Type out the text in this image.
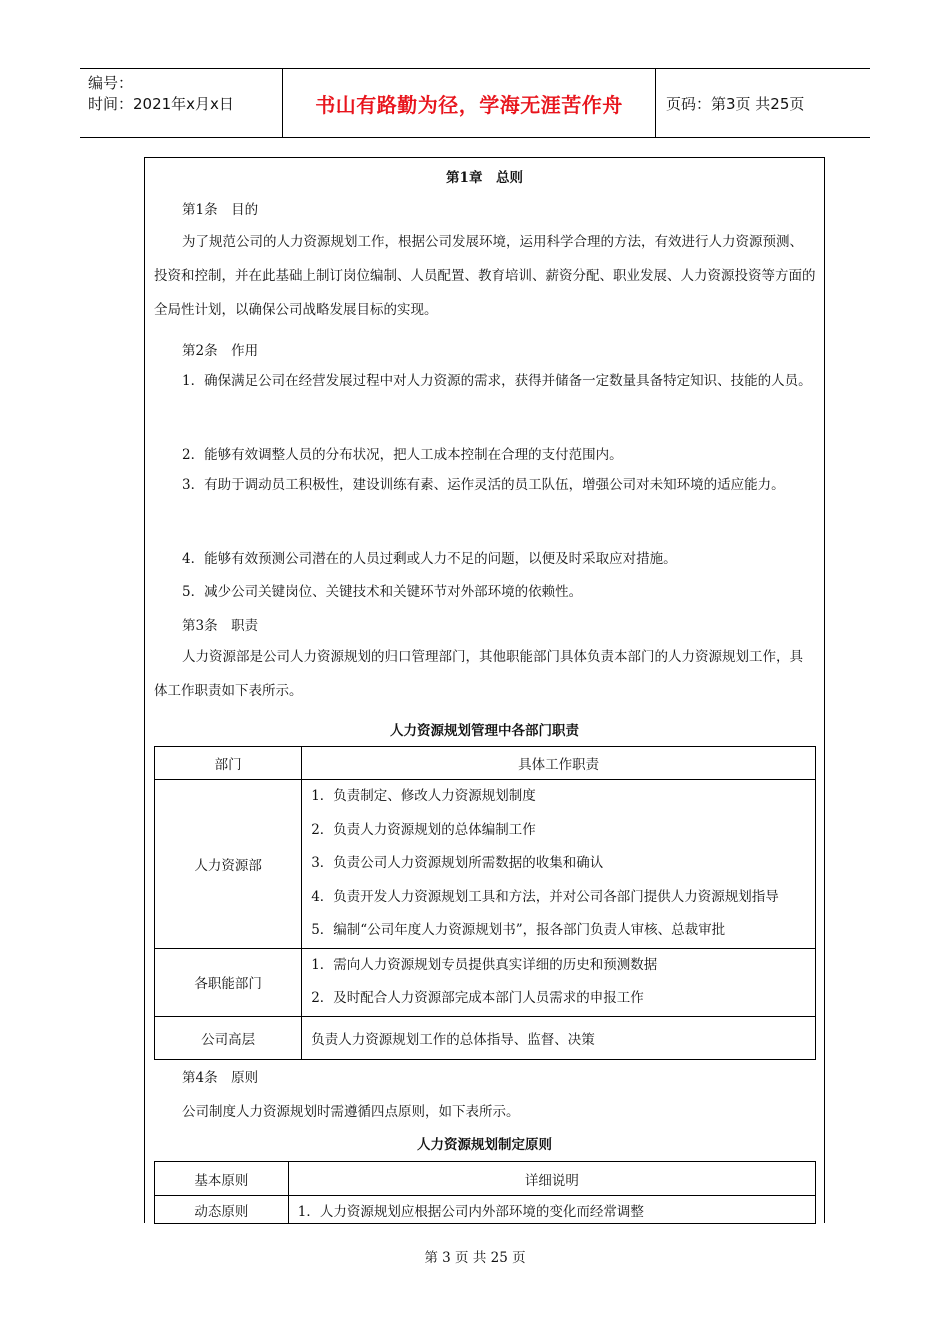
编号：
时间：2021年x月x日	书山有路勤为径，学海无涯苦作舟	页码：第3页 共25页
第1章　总则
第1条　目的
为了规范公司的人力资源规划工作，根据公司发展环境，运用科学合理的方法，有效进行人力资源预测、投资和控制，并在此基础上制订岗位编制、人员配置、教育培训、薪资分配、职业发展、人力资源投资等方面的全局性计划，以确保公司战略发展目标的实现。
第2条　作用
1．确保满足公司在经营发展过程中对人力资源的需求，获得并储备一定数量具备特定知识、技能的人员。
2．能够有效调整人员的分布状况，把人工成本控制在合理的支付范围内。
3．有助于调动员工积极性，建设训练有素、运作灵活的员工队伍，增强公司对未知环境的适应能力。
4．能够有效预测公司潜在的人员过剩或人力不足的问题，以便及时采取应对措施。
5．减少公司关键岗位、关键技术和关键环节对外部环境的依赖性。
第3条　职责
人力资源部是公司人力资源规划的归口管理部门，其他职能部门具体负责本部门的人力资源规划工作，具体工作职责如下表所示。
人力资源规划管理中各部门职责
部门	具体工作职责
人力资源部	1．负责制定、修改人力资源规划制度
2．负责人力资源规划的总体编制工作
3．负责公司人力资源规划所需数据的收集和确认
4．负责开发人力资源规划工具和方法，并对公司各部门提供人力资源规划指导
5．编制“公司年度人力资源规划书”，报各部门负责人审核、总裁审批

各职能部门	1．需向人力资源规划专员提供真实详细的历史和预测数据
2．及时配合人力资源部完成本部门人员需求的申报工作

公司高层	负责人力资源规划工作的总体指导、监督、决策
第4条　原则
公司制度人力资源规划时需遵循四点原则，如下表所示。
人力资源规划制定原则
基本原则	详细说明
动态原则	1．人力资源规划应根据公司内外部环境的变化而经常调整
第 3 页 共 25 页
